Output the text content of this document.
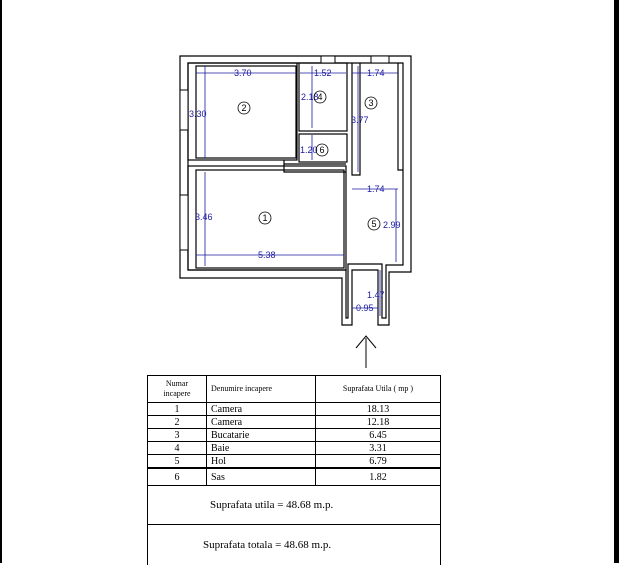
3.70	1.52	1.74
3.30
2.18
3.77
1.20
1.74
3.46
2.99
5.38
1.47
0.95
1
2	3
4
5
6
Numar incapere	Denumire incapere	Suprafata Utila ( mp )
1	Camera	18.13
2	Camera	12.18
3	Bucatarie	6.45
4	Baie	3.31
5	Hol	6.79
6	Sas	1.82
Suprafata utila = 48.68 m.p.		
Suprafata totala = 48.68 m.p.		
